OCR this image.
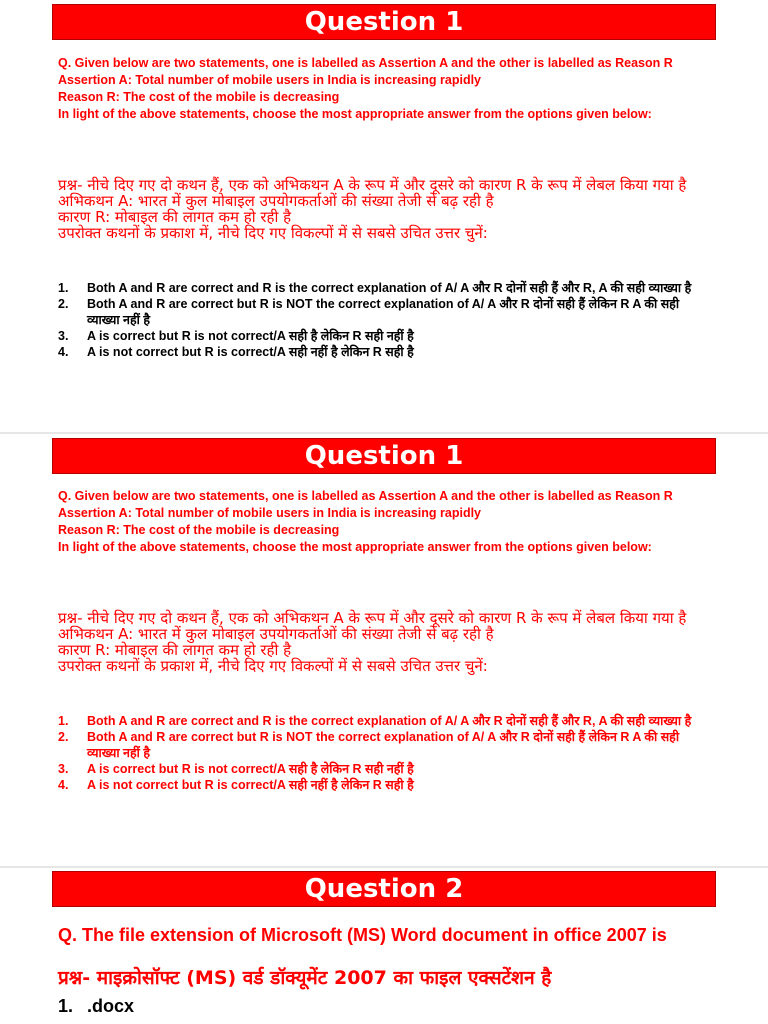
Question 1
Q. Given below are two statements, one is labelled as Assertion A and the other is labelled as Reason R
Assertion A: Total number of mobile users in India is increasing rapidly
Reason R: The cost of the mobile is decreasing
In light of the above statements, choose the most appropriate answer from the options given below:
प्रश्न- नीचे दिए गए दो कथन हैं, एक को अभिकथन A के रूप में और दूसरे को कारण R के रूप में लेबल किया गया है
अभिकथन A: भारत में कुल मोबाइल उपयोगकर्ताओं की संख्या तेजी से बढ़ रही है
कारण R: मोबाइल की लागत कम हो रही है
उपरोक्त कथनों के प्रकाश में, नीचे दिए गए विकल्पों में से सबसे उचित उत्तर चुनें:
1.	Both A and R are correct and R is the correct explanation of A/ A और R दोनों सही हैं और R, A की सही व्याख्या है
2.	Both A and R are correct but R is NOT the correct explanation of A/ A और R दोनों सही हैं लेकिन R A की सही व्याख्या नहीं है
3.	A is correct but R is not correct/A सही है लेकिन R सही नहीं है
4.	A is not correct but R is correct/A सही नहीं है लेकिन R सही है
Question 1
Q. Given below are two statements, one is labelled as Assertion A and the other is labelled as Reason R
Assertion A: Total number of mobile users in India is increasing rapidly
Reason R: The cost of the mobile is decreasing
In light of the above statements, choose the most appropriate answer from the options given below:
प्रश्न- नीचे दिए गए दो कथन हैं, एक को अभिकथन A के रूप में और दूसरे को कारण R के रूप में लेबल किया गया है
अभिकथन A: भारत में कुल मोबाइल उपयोगकर्ताओं की संख्या तेजी से बढ़ रही है
कारण R: मोबाइल की लागत कम हो रही है
उपरोक्त कथनों के प्रकाश में, नीचे दिए गए विकल्पों में से सबसे उचित उत्तर चुनें:
1.	Both A and R are correct and R is the correct explanation of A/ A और R दोनों सही हैं और R, A की सही व्याख्या है
2.	Both A and R are correct but R is NOT the correct explanation of A/ A और R दोनों सही हैं लेकिन R A की सही व्याख्या नहीं है
3.	A is correct but R is not correct/A सही है लेकिन R सही नहीं है
4.	A is not correct but R is correct/A सही नहीं है लेकिन R सही है
Question 2
Q. The file extension of Microsoft (MS) Word document in office 2007 is
प्रश्न- माइक्रोसॉफ्ट (MS) वर्ड डॉक्यूमेंट 2007 का फाइल एक्सटेंशन है
1. .docx
